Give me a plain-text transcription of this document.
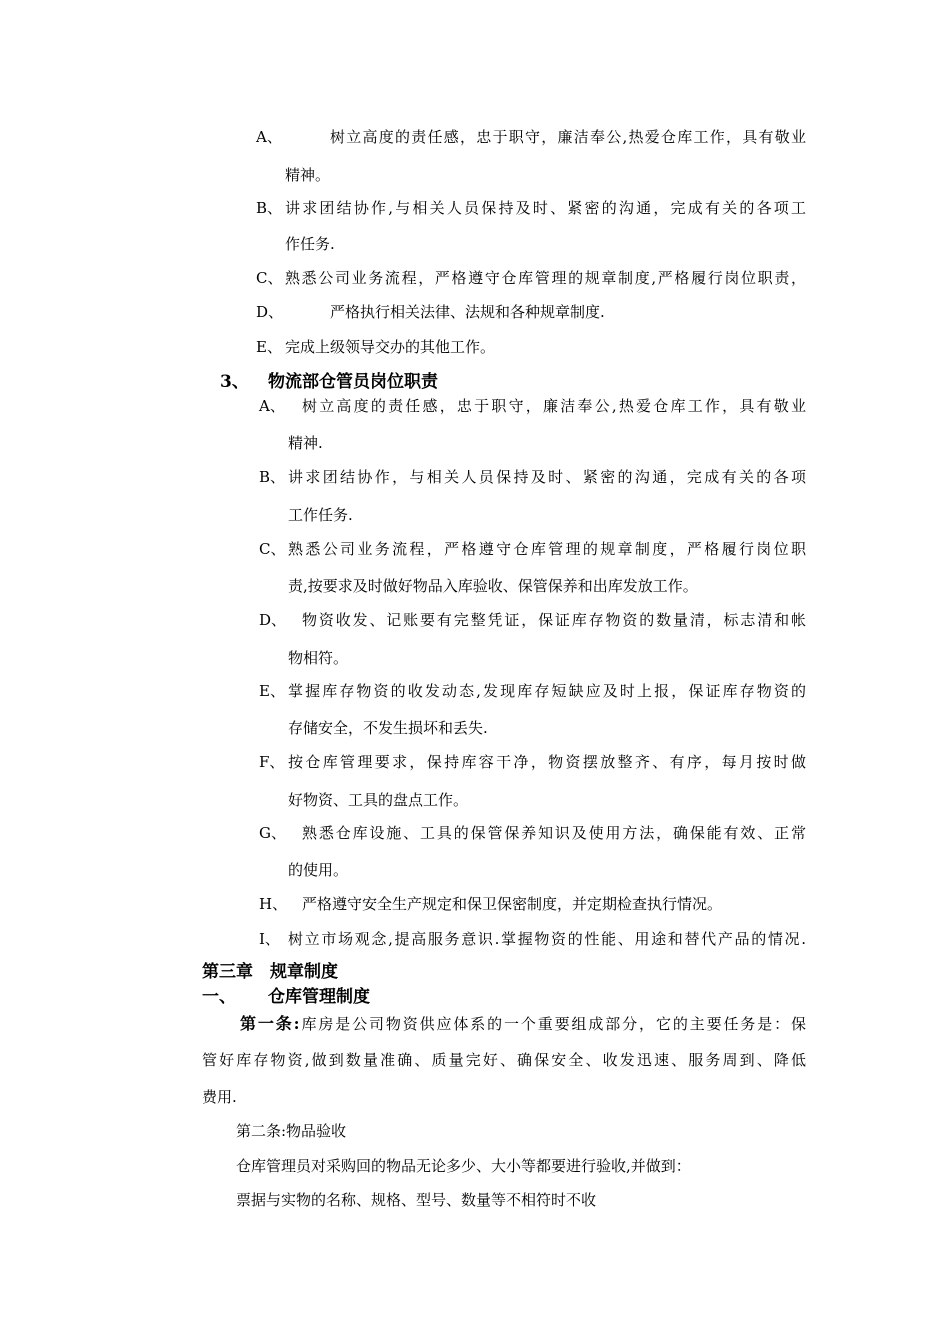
A、	树立高度的责任感，忠于职守，廉洁奉公,热爱仓库工作，具有敬业
精神。
B、 讲求团结协作,与相关人员保持及时、紧密的沟通，完成有关的各项工
作任务.
C、 熟悉公司业务流程，严格遵守仓库管理的规章制度,严格履行岗位职责，
D、	严格执行相关法律、法规和各种规章制度.
E、 完成上级领导交办的其他工作。
3、 物流部仓管员岗位职责
A、 树立高度的责任感，忠于职守，廉洁奉公,热爱仓库工作，具有敬业
精神.
B、 讲求团结协作，与相关人员保持及时、紧密的沟通，完成有关的各项
工作任务.
C、 熟悉公司业务流程，严格遵守仓库管理的规章制度，严格履行岗位职
责,按要求及时做好物品入库验收、保管保养和出库发放工作。
D、 物资收发、记账要有完整凭证，保证库存物资的数量清，标志清和帐
物相符。
E、 掌握库存物资的收发动态,发现库存短缺应及时上报，保证库存物资的
存储安全，不发生损坏和丢失.
F、 按仓库管理要求，保持库容干净，物资摆放整齐、有序，每月按时做
好物资、工具的盘点工作。
G、 熟悉仓库设施、工具的保管保养知识及使用方法，确保能有效、正常
的使用。
H、 严格遵守安全生产规定和保卫保密制度，并定期检查执行情况。
I、 树立市场观念,提高服务意识.掌握物资的性能、用途和替代产品的情况.
第三章　规章制度
一、 仓库管理制度
第一条:库房是公司物资供应体系的一个重要组成部分，它的主要任务是：保
管好库存物资,做到数量准确、质量完好、确保安全、收发迅速、服务周到、降低
费用.
第二条:物品验收
仓库管理员对采购回的物品无论多少、大小等都要进行验收,并做到：
票据与实物的名称、规格、型号、数量等不相符时不收
